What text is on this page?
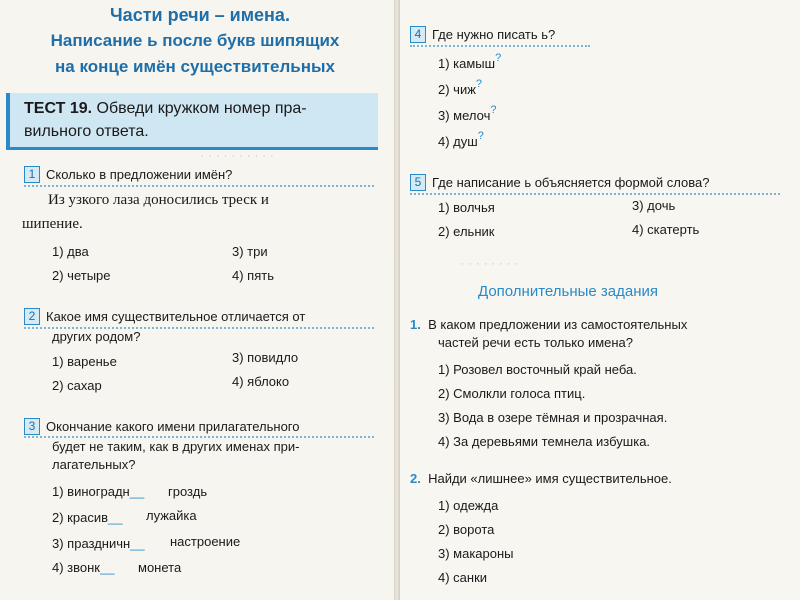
· · · · · · · · · ·
Части речи – имена.
Написание ь после букв шипящих
на конце имён существительных
ТЕСТ 19. Обведи кружком номер пра-
вильного ответа.
1 Сколько в предложении имён?
Из узкого лаза доносились треск и
шипение.
1) два	3) три
2) четыре	4) пять
2 Какое имя существительное отличается от
других родом?
1) варенье	3) повидло
2) сахар	4) яблоко
3 Окончание какого имени прилагательного
будет не таким, как в других именах при-
лагательных?
1) виноградн__ гроздь
2) красив__ лужайка
3) праздничн__ настроение
4) звонк__ монета
4 Где нужно писать ь?
1) камыш?
2) чиж?
3) мелоч?
4) душ?
5 Где написание ь объясняется формой слова?
1) волчья	3) дочь
2) ельник	4) скатерть
· · · · · · · ·
Дополнительные задания
1. В каком предложении из самостоятельных
частей речи есть только имена?
1) Розовел восточный край неба.
2) Смолкли голоса птиц.
3) Вода в озере тёмная и прозрачная.
4) За деревьями темнела избушка.
2. Найди «лишнее» имя существительное.
1) одежда
2) ворота
3) макароны
4) санки
